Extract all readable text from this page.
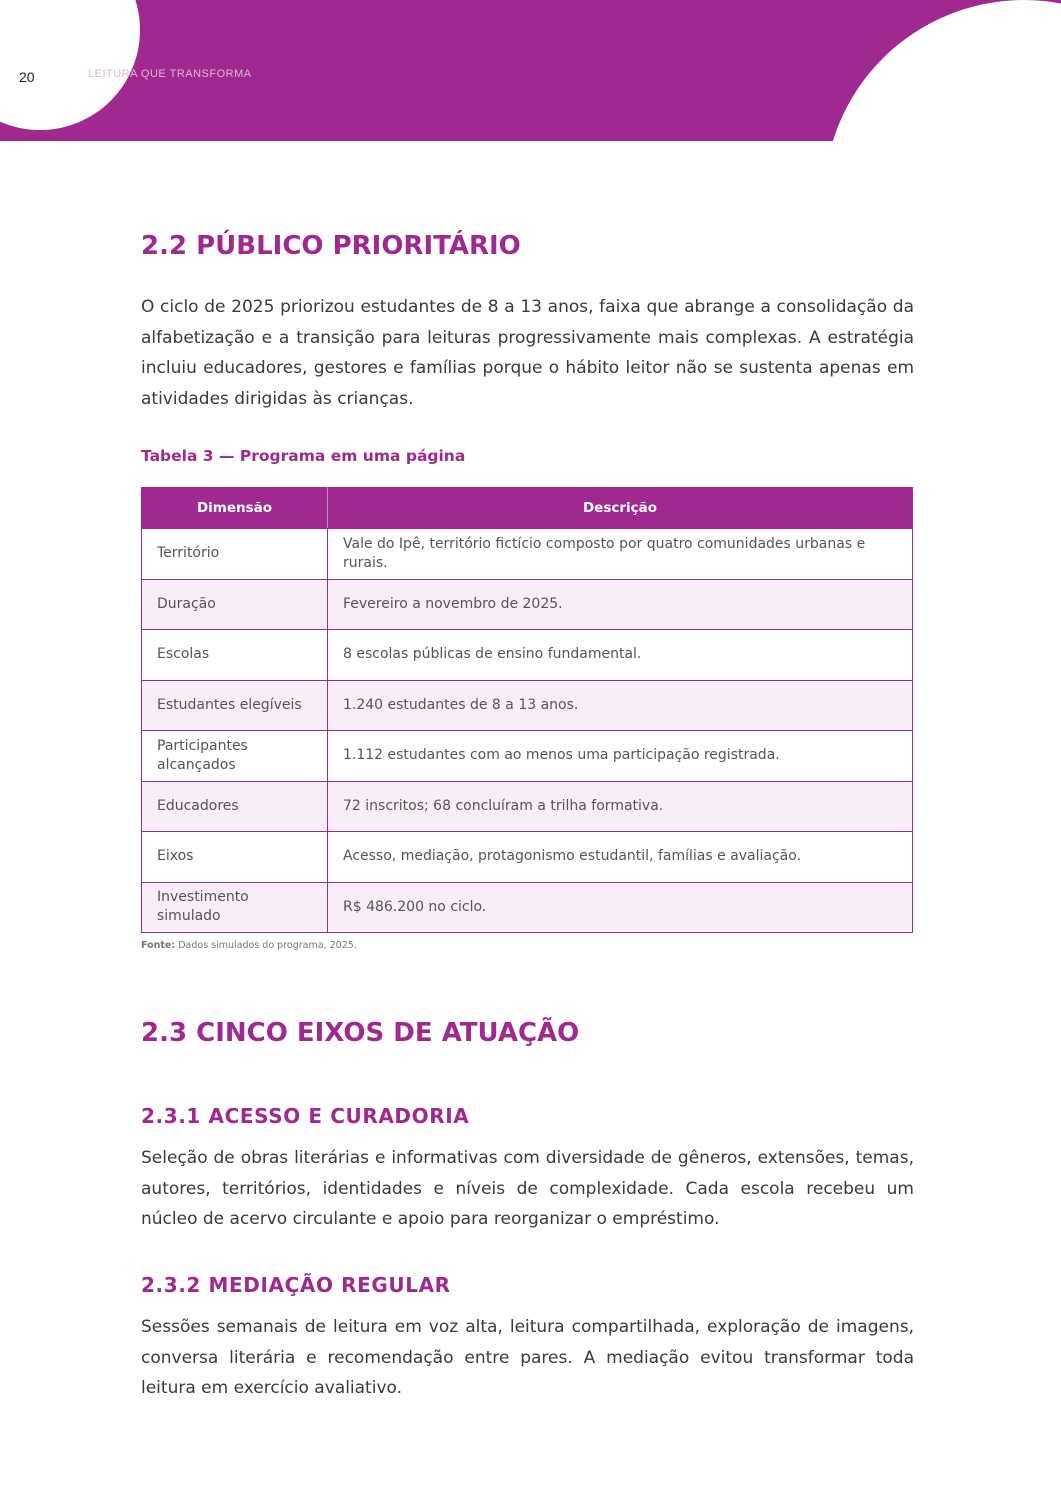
20	LEITURA QUE TRANSFORMA
2.2 PÚBLICO PRIORITÁRIO

O ciclo de 2025 priorizou estudantes de 8 a 13 anos, faixa que abrange a consolidação da alfabetização e a transição para leituras progressivamente mais complexas. A estratégia incluiu educadores, gestores e famílias porque o hábito leitor não se sustenta apenas em atividades dirigidas às crianças.

Tabela 3 — Programa em uma página
Dimensão	Descrição
Território	Vale do Ipê, território fictício composto por quatro comunidades urbanas e rurais.
Duração	Fevereiro a novembro de 2025.
Escolas	8 escolas públicas de ensino fundamental.
Estudantes elegíveis	1.240 estudantes de 8 a 13 anos.
Participantes alcançados	1.112 estudantes com ao menos uma participação registrada.
Educadores	72 inscritos; 68 concluíram a trilha formativa.
Eixos	Acesso, mediação, protagonismo estudantil, famílias e avaliação.
Investimento simulado	R$ 486.200 no ciclo.
Fonte: Dados simulados do programa, 2025.
2.3 CINCO EIXOS DE ATUAÇÃO
2.3.1 ACESSO E CURADORIA

Seleção de obras literárias e informativas com diversidade de gêneros, extensões, temas, autores, territórios, identidades e níveis de complexidade. Cada escola recebeu um núcleo de acervo circulante e apoio para reorganizar o empréstimo.

2.3.2 MEDIAÇÃO REGULAR

Sessões semanais de leitura em voz alta, leitura compartilhada, exploração de imagens, conversa literária e recomendação entre pares. A mediação evitou transformar toda leitura em exercício avaliativo.
